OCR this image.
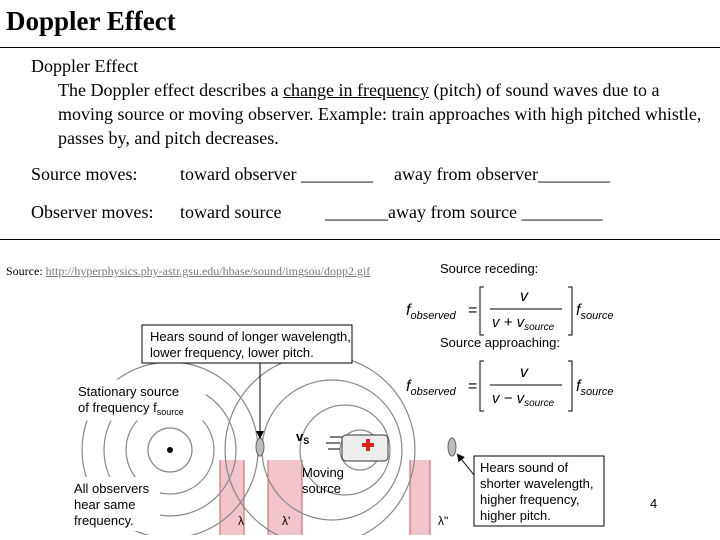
Doppler Effect
Doppler Effect
The Doppler effect describes a change in frequency (pitch) of sound waves due to a moving source or moving observer. Example: train approaches with high pitched whistle, passes by, and pitch decreases.
Source moves: toward observer ________ away from observer________
Observer moves: toward source _______away from source _________
Source: http://hyperphysics.phy-astr.gsu.edu/hbase/sound/imgsou/dopp2.gif
$v_S$
Hears sound of longer wavelength,
lower frequency, lower pitch.
Stationary source
of frequency $f_{source}$
Moving
source
All observers
hear same
frequency.
Hears sound of
shorter wavelength,
higher frequency,
higher pitch.
λ	λ'	λ"
Source receding:
$f_{observed}$ =
v
$v + v_{source}$
$f_{source}$
Source approaching:
$f_{observed}$ =
v
$v - v_{source}$
$f_{source}$
4
